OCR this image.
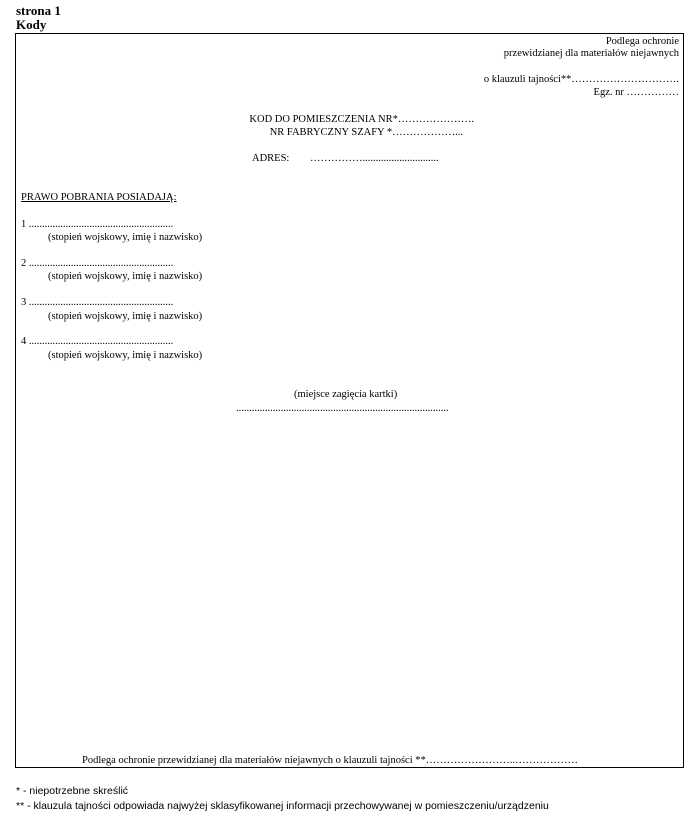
strona 1
Kody
Podlega ochronie
przewidzianej dla materiałów niejawnych
o klauzuli tajności**………………………….
Egz. nr ……………
KOD DO POMIESZCZENIA NR*………………….
NR FABRYCZNY SZAFY *………………...
ADRES: …………….............................
PRAWO POBRANIA POSIADAJĄ:
1 .......................................................
(stopień wojskowy, imię i nazwisko)
2 .......................................................
(stopień wojskowy, imię i nazwisko)
3 .......................................................
(stopień wojskowy, imię i nazwisko)
4 .......................................................
(stopień wojskowy, imię i nazwisko)
(miejsce zagięcia kartki)
.................................................................................
Podlega ochronie przewidzianej dla materiałów niejawnych o klauzuli tajności **……………………..………………
* - niepotrzebne skreślić
** - klauzula tajności odpowiada najwyżej sklasyfikowanej informacji przechowywanej w pomieszczeniu/urządzeniu
